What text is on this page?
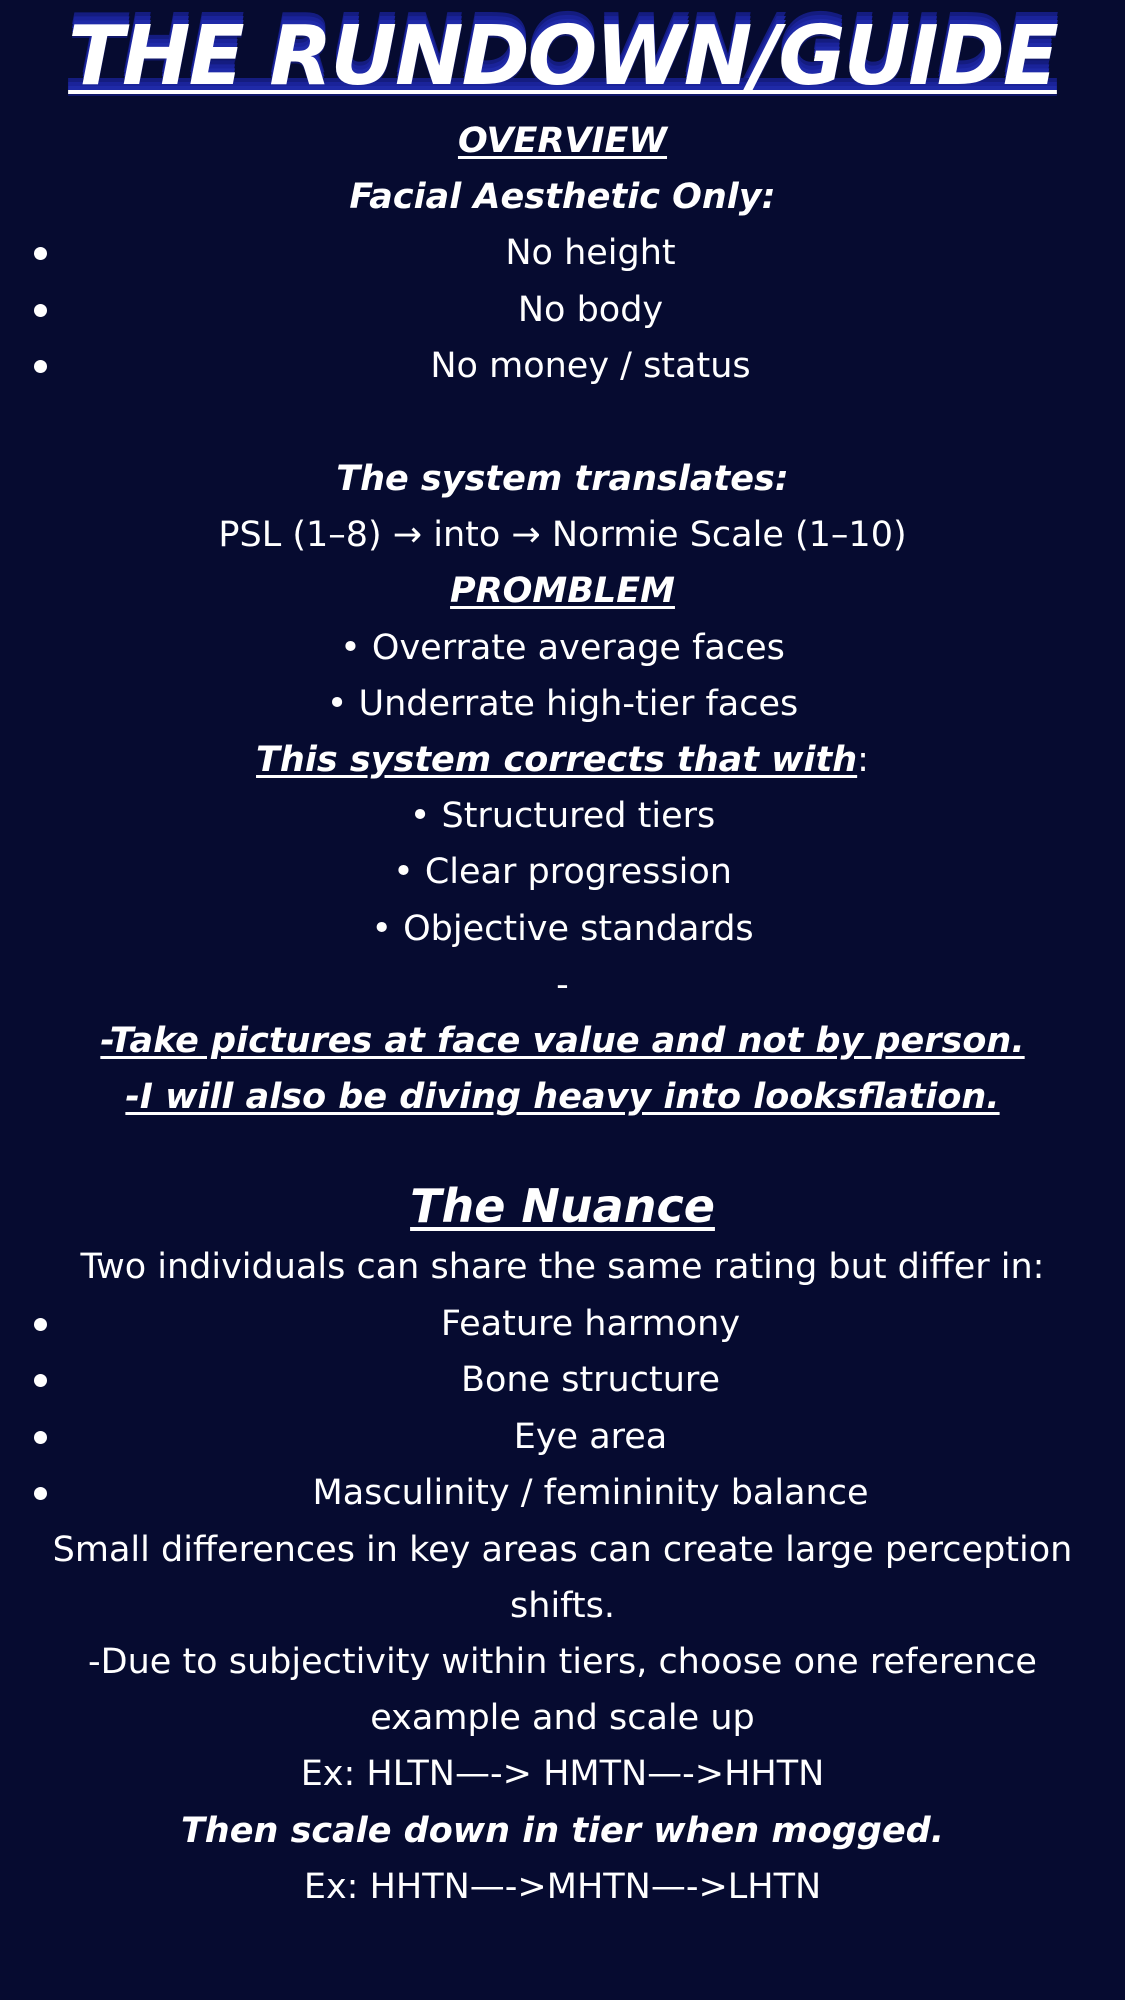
THE RUNDOWN/GUIDE
OVERVIEW
Facial Aesthetic Only:
No height
No body
No money / status
The system translates:
PSL (1–8) → into → Normie Scale (1–10)
PROMBLEM
• Overrate average faces
• Underrate high-tier faces
This system corrects that with:
• Structured tiers
• Clear progression
• Objective standards
-
-Take pictures at face value and not by person.
-I will also be diving heavy into looksflation.
The Nuance
Two individuals can share the same rating but differ in:
Feature harmony
Bone structure
Eye area
Masculinity / femininity balance
Small differences in key areas can create large perception shifts.
-Due to subjectivity within tiers, choose one reference example and scale up
Ex: HLTN—-> HMTN—->HHTN
Then scale down in tier when mogged.
Ex: HHTN—->MHTN—->LHTN
